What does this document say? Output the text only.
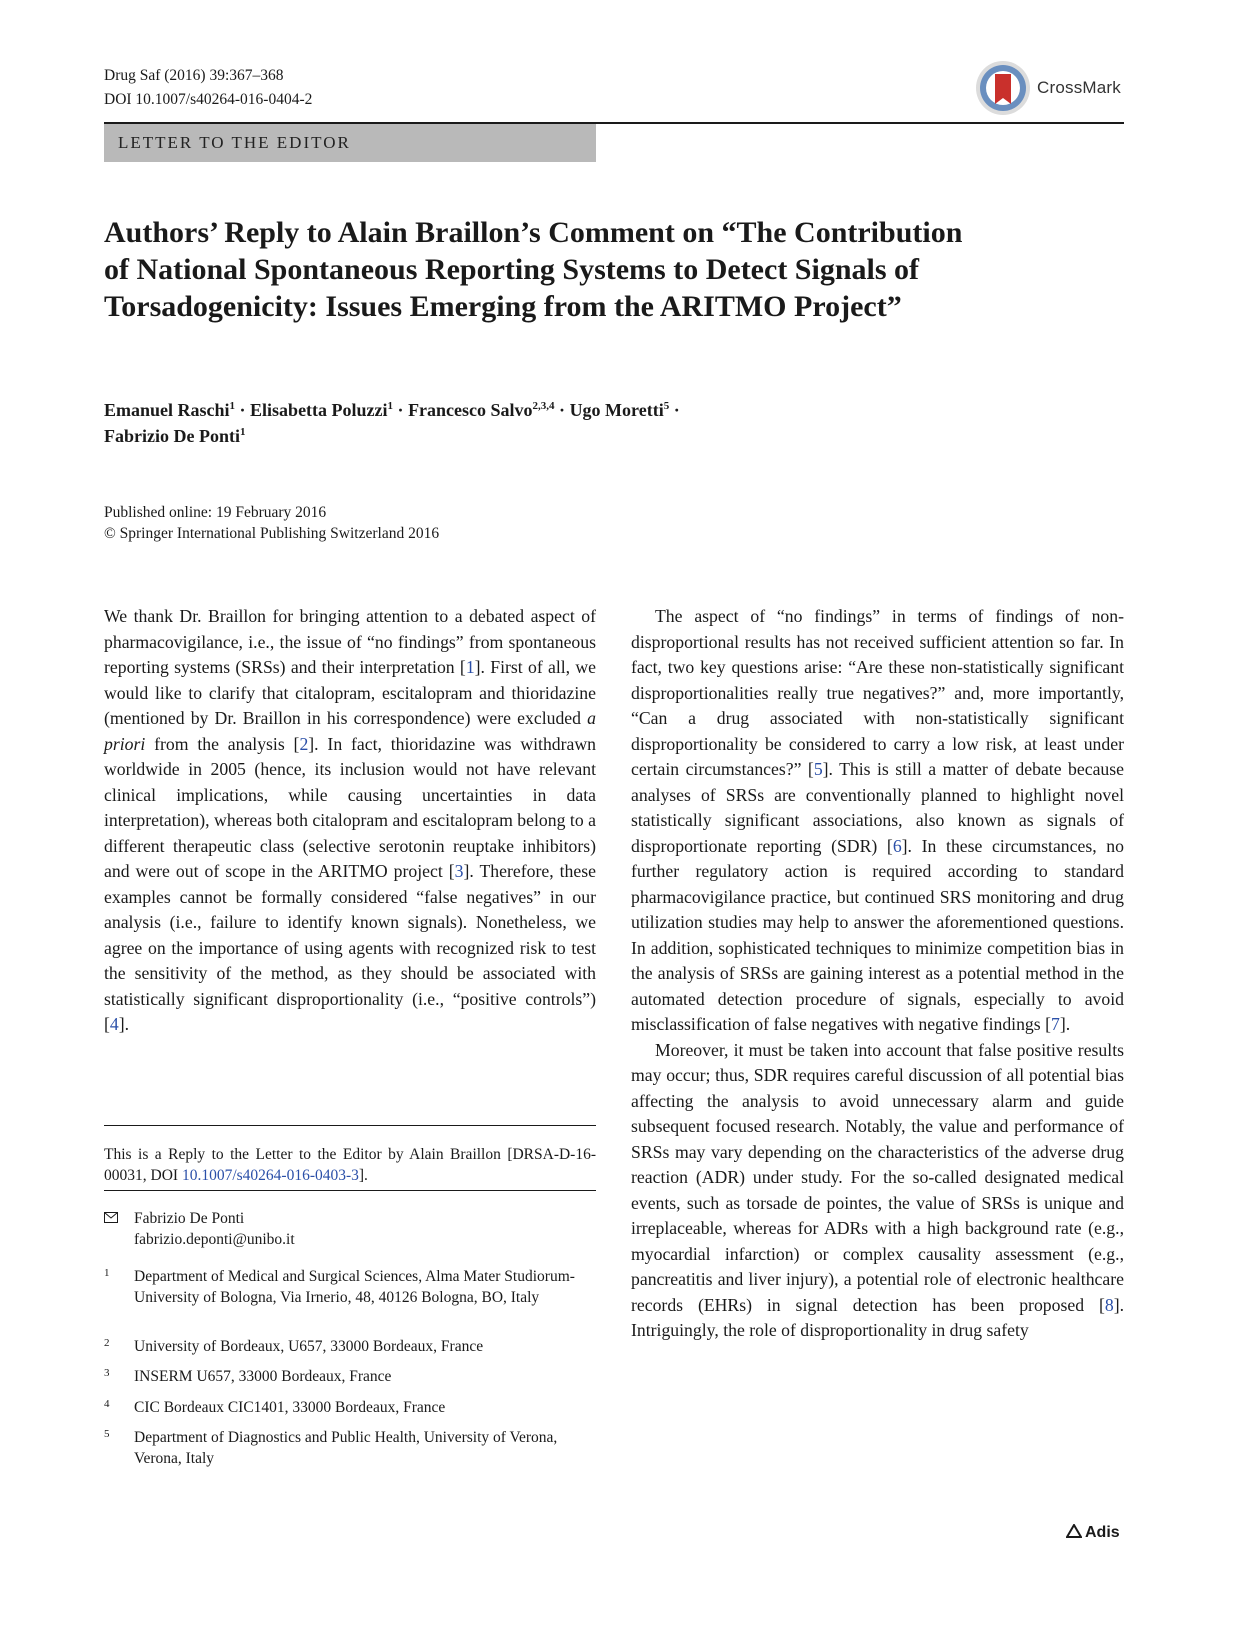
Drug Saf (2016) 39:367–368
DOI 10.1007/s40264-016-0404-2
CrossMark
LETTER TO THE EDITOR
Authors’ Reply to Alain Braillon’s Comment on “The Contribution of National Spontaneous Reporting Systems to Detect Signals of Torsadogenicity: Issues Emerging from the ARITMO Project”
Emanuel Raschi$^1$ · Elisabetta Poluzzi$^1$ · Francesco Salvo$^{2,3,4}$ · Ugo Moretti$^5$ ·
Fabrizio De Ponti$^1$
Published online: 19 February 2016
© Springer International Publishing Switzerland 2016

We thank Dr. Braillon for bringing attention to a debated aspect of pharmacovigilance, i.e., the issue of “no findings” from spontaneous reporting systems (SRSs) and their interpretation [1]. First of all, we would like to clarify that citalopram, escitalopram and thioridazine (mentioned by Dr. Braillon in his correspondence) were excluded a priori from the analysis [2]. In fact, thioridazine was withdrawn worldwide in 2005 (hence, its inclusion would not have relevant clinical implications, while causing uncertainties in data interpretation), whereas both citalopram and escitalopram belong to a different therapeutic class (selective serotonin reuptake inhibitors) and were out of scope in the ARITMO project [3]. Therefore, these examples cannot be formally considered “false negatives” in our analysis (i.e., failure to identify known signals). Nonetheless, we agree on the importance of using agents with recognized risk to test the sensitivity of the method, as they should be associated with statistically significant disproportionality (i.e., “positive controls”) [4].

The aspect of “no findings” in terms of findings of non-disproportional results has not received sufficient attention so far. In fact, two key questions arise: “Are these non-statistically significant disproportionalities really true negatives?” and, more importantly, “Can a drug associated with non-statistically significant disproportionality be considered to carry a low risk, at least under certain circumstances?” [5]. This is still a matter of debate because analyses of SRSs are conventionally planned to highlight novel statistically significant associations, also known as signals of disproportionate reporting (SDR) [6]. In these circumstances, no further regulatory action is required according to standard pharmacovigilance practice, but continued SRS monitoring and drug utilization studies may help to answer the aforementioned questions. In addition, sophisticated techniques to minimize competition bias in the analysis of SRSs are gaining interest as a potential method in the automated detection procedure of signals, especially to avoid misclassification of false negatives with negative findings [7].

Moreover, it must be taken into account that false positive results may occur; thus, SDR requires careful discussion of all potential bias affecting the analysis to avoid unnecessary alarm and guide subsequent focused research. Notably, the value and performance of SRSs may vary depending on the characteristics of the adverse drug reaction (ADR) under study. For the so-called designated medical events, such as torsade de pointes, the value of SRSs is unique and irreplaceable, whereas for ADRs with a high background rate (e.g., myocardial infarction) or complex causality assessment (e.g., pancreatitis and liver injury), a potential role of electronic healthcare records (EHRs) in signal detection has been proposed [8]. Intriguingly, the role of disproportionality in drug safety

This is a Reply to the Letter to the Editor by Alain Braillon [DRSA-D-16-00031, DOI 10.1007/s40264-016-0403-3].
Fabrizio De Ponti
fabrizio.deponti@unibo.it
1 Department of Medical and Surgical Sciences, Alma Mater Studiorum-University of Bologna, Via Irnerio, 48, 40126 Bologna, BO, Italy
2 University of Bordeaux, U657, 33000 Bordeaux, France
3 INSERM U657, 33000 Bordeaux, France
4 CIC Bordeaux CIC1401, 33000 Bordeaux, France
5 Department of Diagnostics and Public Health, University of Verona, Verona, Italy
Adis
